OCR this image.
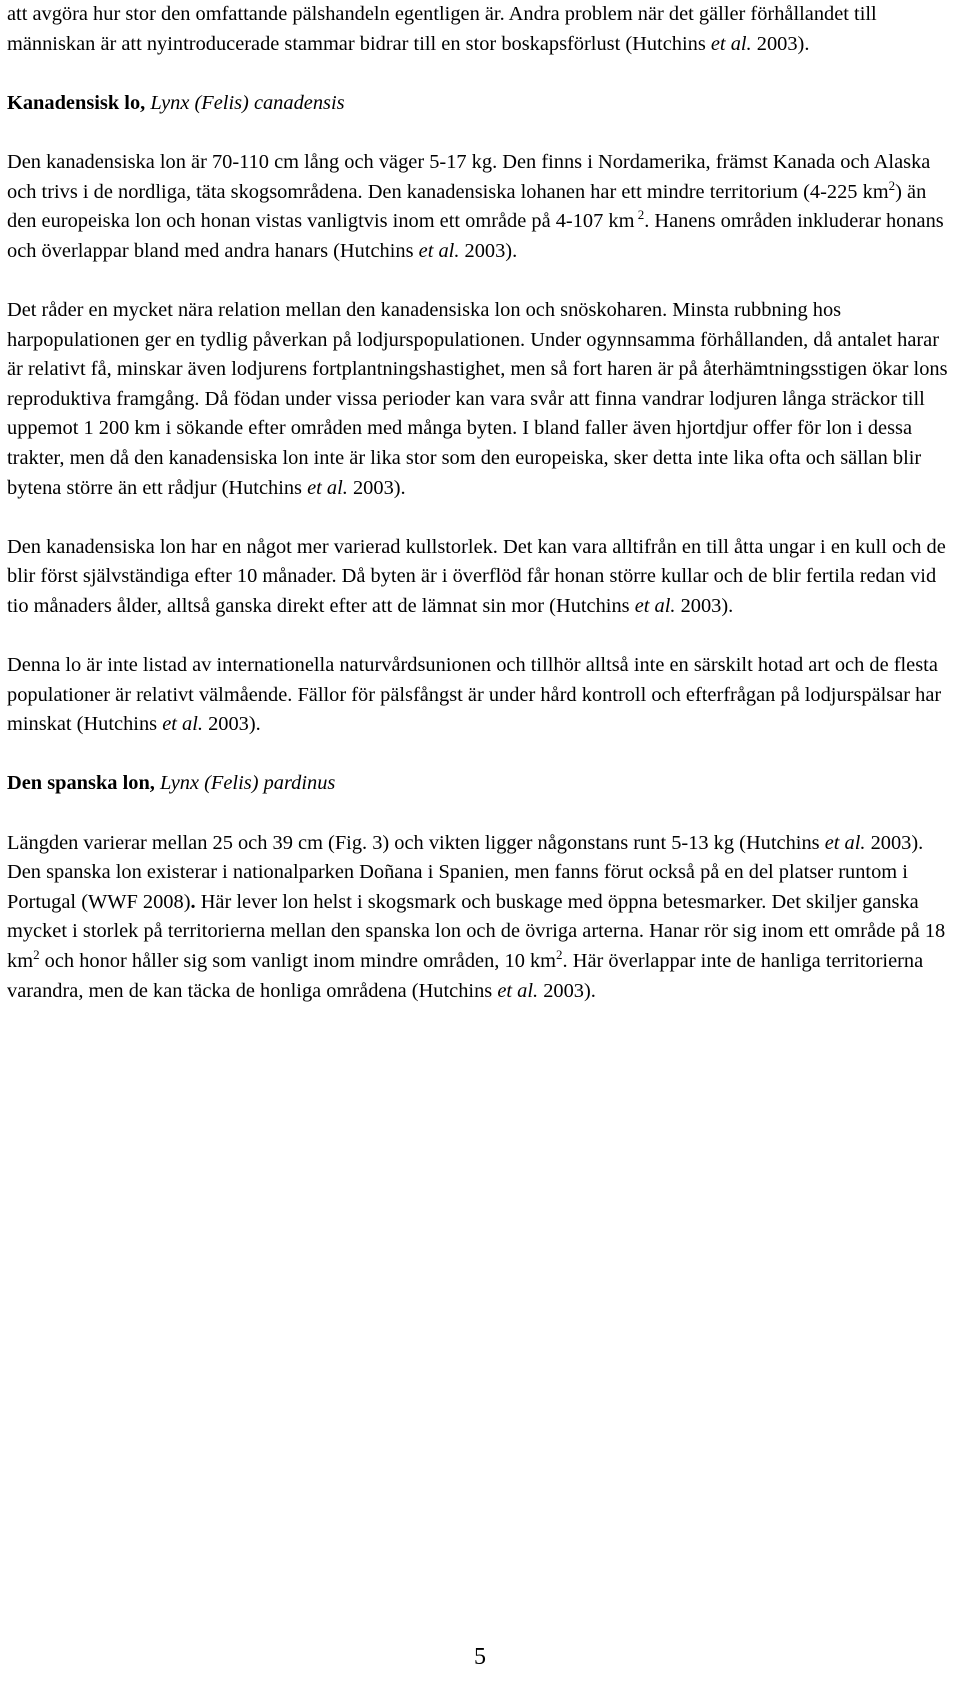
att avgöra hur stor den omfattande pälshandeln egentligen är. Andra problem när det gäller förhållandet till människan är att nyintroducerade stammar bidrar till en stor boskapsförlust (Hutchins et al. 2003).

Kanadensisk lo, Lynx (Felis) canadensis

Den kanadensiska lon är 70-110 cm lång och väger 5-17 kg. Den finns i Nordamerika, främst Kanada och Alaska och trivs i de nordliga, täta skogsområdena. Den kanadensiska lohanen har ett mindre territorium (4-225 $km^2$) än den europeiska lon och honan vistas vanligtvis inom ett område på 4-107 km $^2$. Hanens områden inkluderar honans och överlappar bland med andra hanars (Hutchins et al. 2003).

Det råder en mycket nära relation mellan den kanadensiska lon och snöskoharen. Minsta rubbning hos harpopulationen ger en tydlig påverkan på lodjurspopulationen. Under ogynnsamma förhållanden, då antalet harar är relativt få, minskar även lodjurens fortplantningshastighet, men så fort haren är på återhämtningsstigen ökar lons reproduktiva framgång. Då födan under vissa perioder kan vara svår att finna vandrar lodjuren långa sträckor till uppemot 1 200 km i sökande efter områden med många byten. I bland faller även hjortdjur offer för lon i dessa trakter, men då den kanadensiska lon inte är lika stor som den europeiska, sker detta inte lika ofta och sällan blir bytena större än ett rådjur (Hutchins et al. 2003).

Den kanadensiska lon har en något mer varierad kullstorlek. Det kan vara alltifrån en till åtta ungar i en kull och de blir först självständiga efter 10 månader. Då byten är i överflöd får honan större kullar och de blir fertila redan vid tio månaders ålder, alltså ganska direkt efter att de lämnat sin mor (Hutchins et al. 2003).

Denna lo är inte listad av internationella naturvårdsunionen och tillhör alltså inte en särskilt hotad art och de flesta populationer är relativt välmående. Fällor för pälsfångst är under hård kontroll och efterfrågan på lodjurspälsar har minskat (Hutchins et al. 2003).

Den spanska lon, Lynx (Felis) pardinus

Längden varierar mellan 25 och 39 cm (Fig. 3) och vikten ligger någonstans runt 5-13 kg (Hutchins et al. 2003). Den spanska lon existerar i nationalparken Doñana i Spanien, men fanns förut också på en del platser runtom i Portugal (WWF 2008). Här lever lon helst i skogsmark och buskage med öppna betesmarker. Det skiljer ganska mycket i storlek på territorierna mellan den spanska lon och de övriga arterna. Hanar rör sig inom ett område på 18 $km^2$ och honor håller sig som vanligt inom mindre områden, 10 $km^2$. Här överlappar inte de hanliga territorierna varandra, men de kan täcka de honliga områdena (Hutchins et al. 2003).

5
